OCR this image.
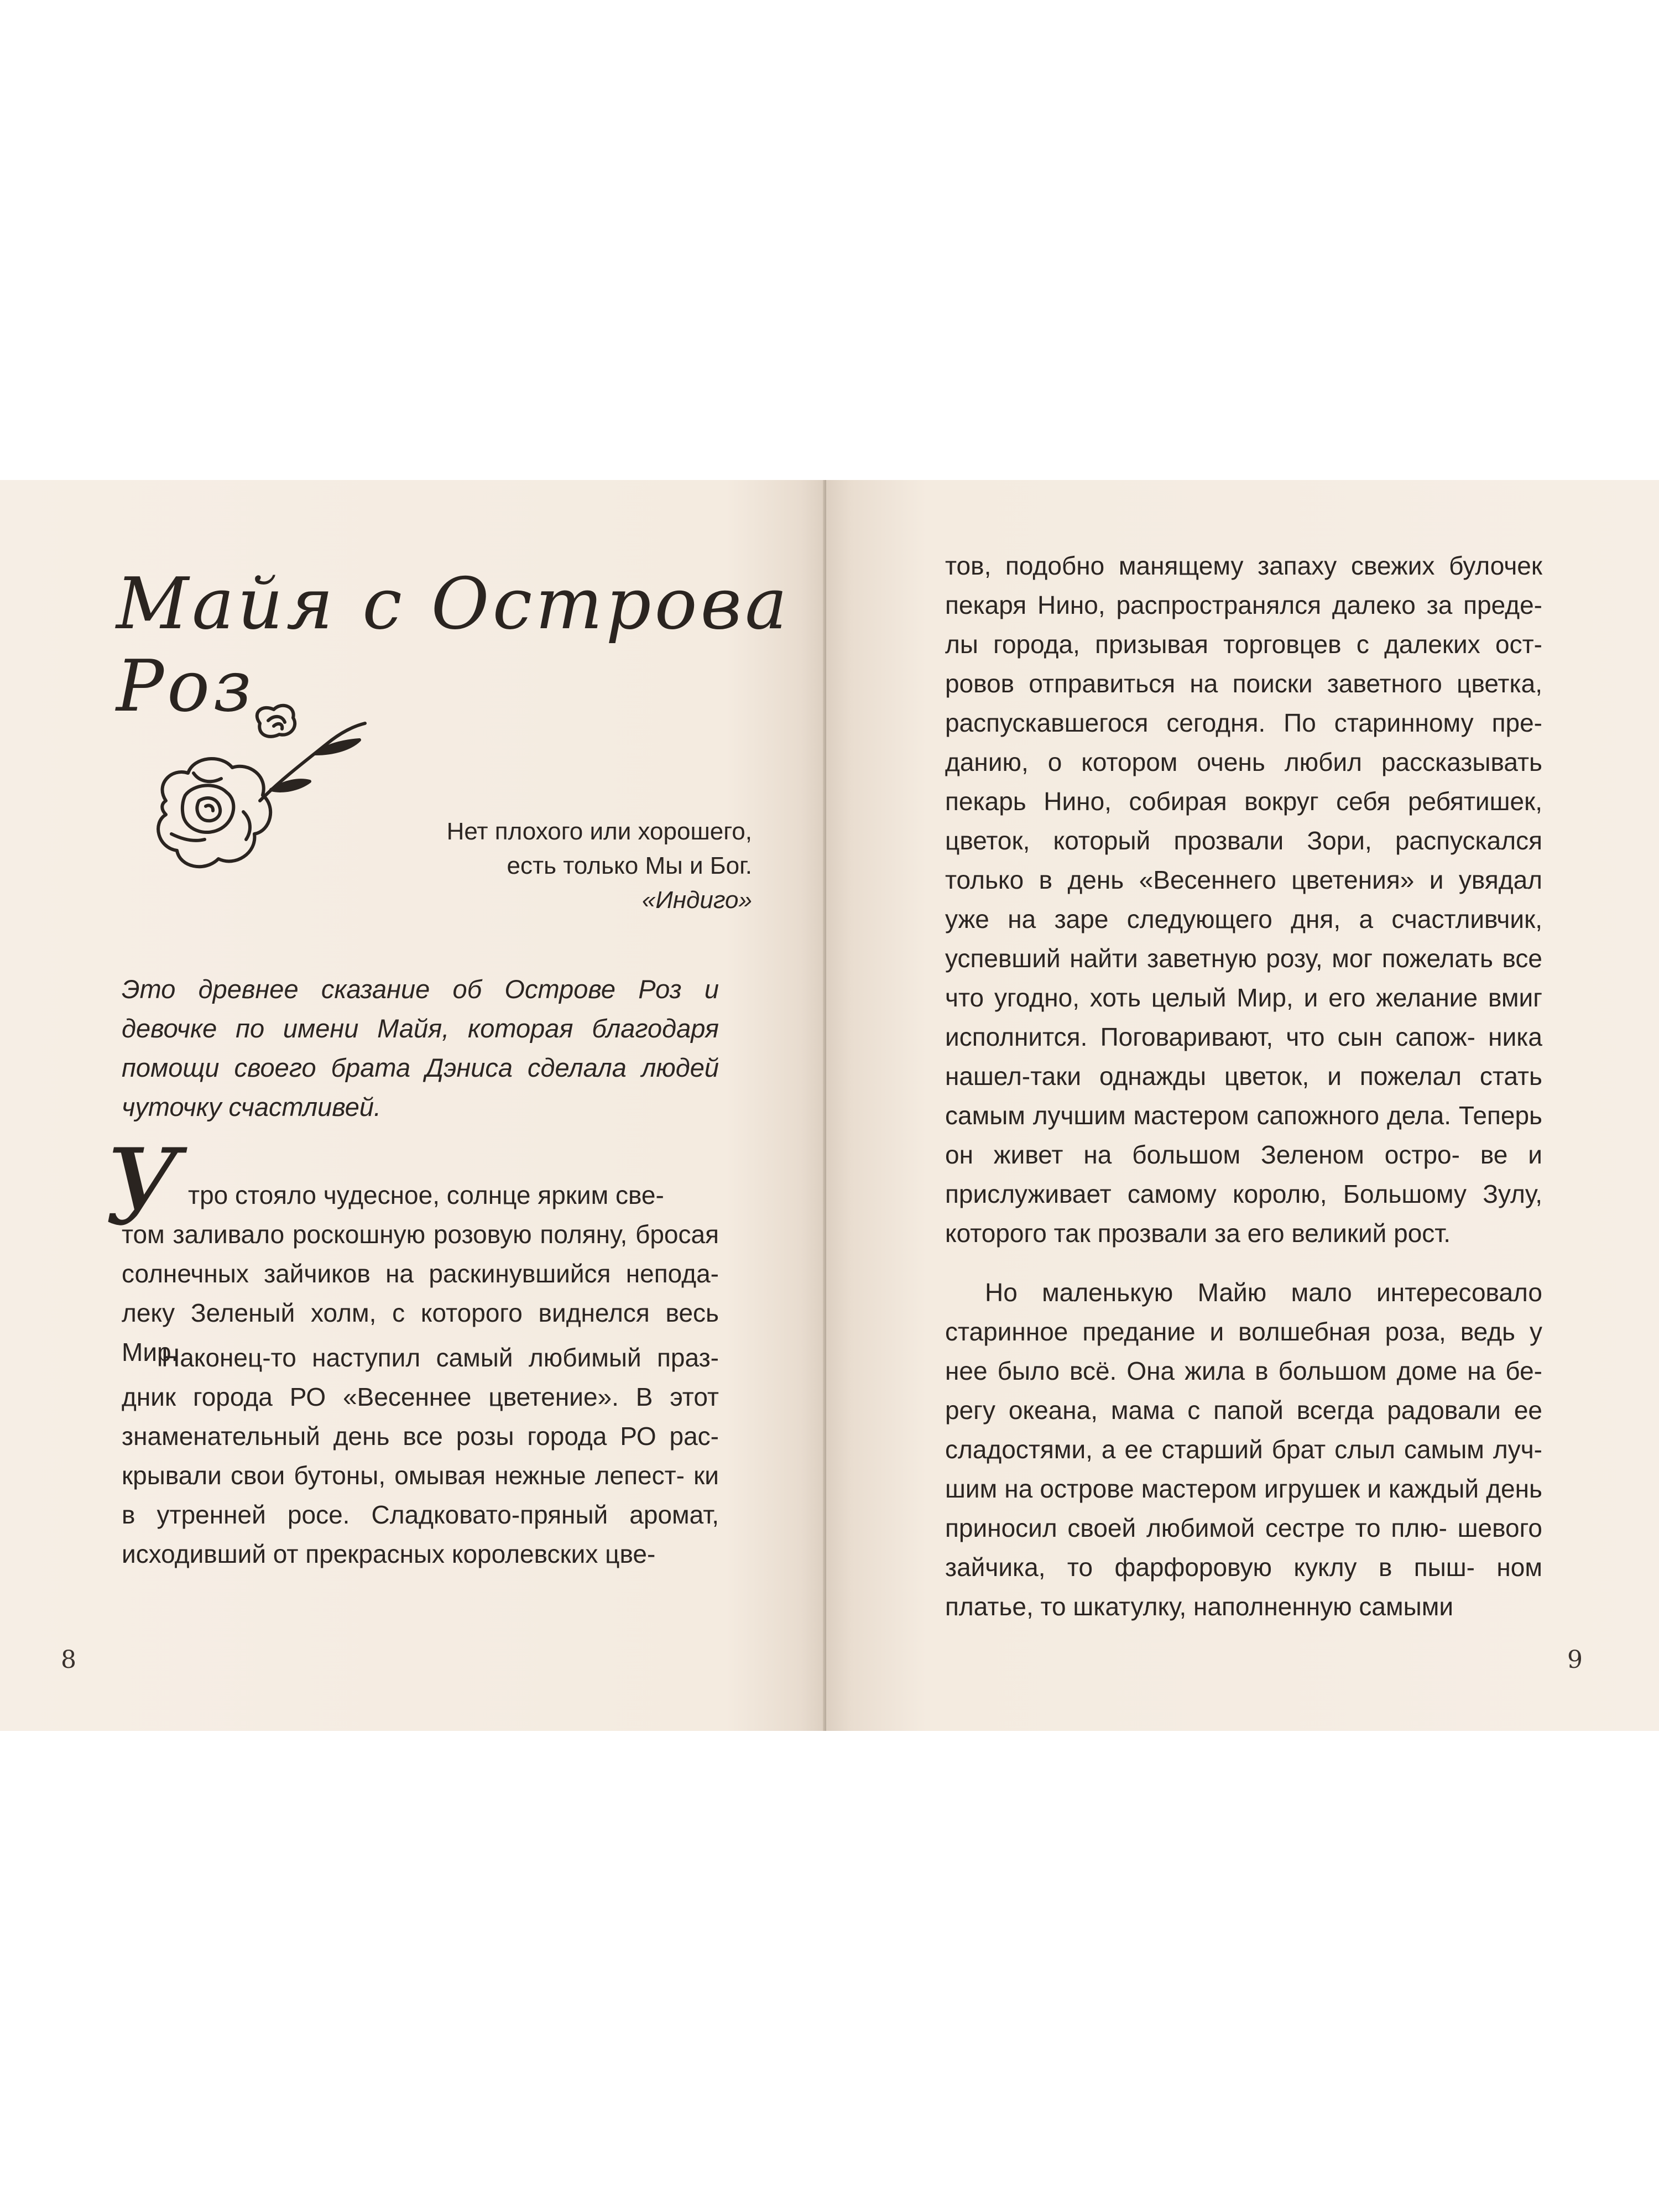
Майя с Острова Роз
Нет плохого или хорошего,
есть только Мы и Бог.
«Индиго»
Это древнее сказание об Острове Роз и девочке по имени Майя, которая благодаря помощи своего брата Дэниса сделала людей чуточку счастливей.
У тро стояло чудесное, солнце ярким све-

том заливало роскошную розовую поляну, бросая солнечных зайчиков на раскинувшийся непода- леку Зеленый холм, с которого виднелся весь Мир.

Наконец-то наступил самый любимый праз- дник города РО «Весеннее цветение». В этот знаменательный день все розы города РО рас- крывали свои бутоны, омывая нежные лепест- ки в утренней росе. Сладковато-пряный аромат, исходивший от прекрасных королевских цве-

8

тов, подобно манящему запаху свежих булочек пекаря Нино, распространялся далеко за преде- лы города, призывая торговцев с далеких ост- ровов отправиться на поиски заветного цветка, распускавшегося сегодня. По старинному пре- данию, о котором очень любил рассказывать пекарь Нино, собирая вокруг себя ребятишек, цветок, который прозвали Зори, распускался только в день «Весеннего цветения» и увядал уже на заре следующего дня, а счастливчик, успевший найти заветную розу, мог пожелать все что угодно, хоть целый Мир, и его желание вмиг исполнится. Поговаривают, что сын сапож- ника нашел-таки однажды цветок, и пожелал стать самым лучшим мастером сапожного дела. Теперь он живет на большом Зеленом остро- ве и прислуживает самому королю, Большому Зулу, которого так прозвали за его великий рост.

Но маленькую Майю мало интересовало старинное предание и волшебная роза, ведь у нее было всё. Она жила в большом доме на бе- регу океана, мама с папой всегда радовали ее сладостями, а ее старший брат слыл самым луч- шим на острове мастером игрушек и каждый день приносил своей любимой сестре то плю- шевого зайчика, то фарфоровую куклу в пыш- ном платье, то шкатулку, наполненную самыми

9
